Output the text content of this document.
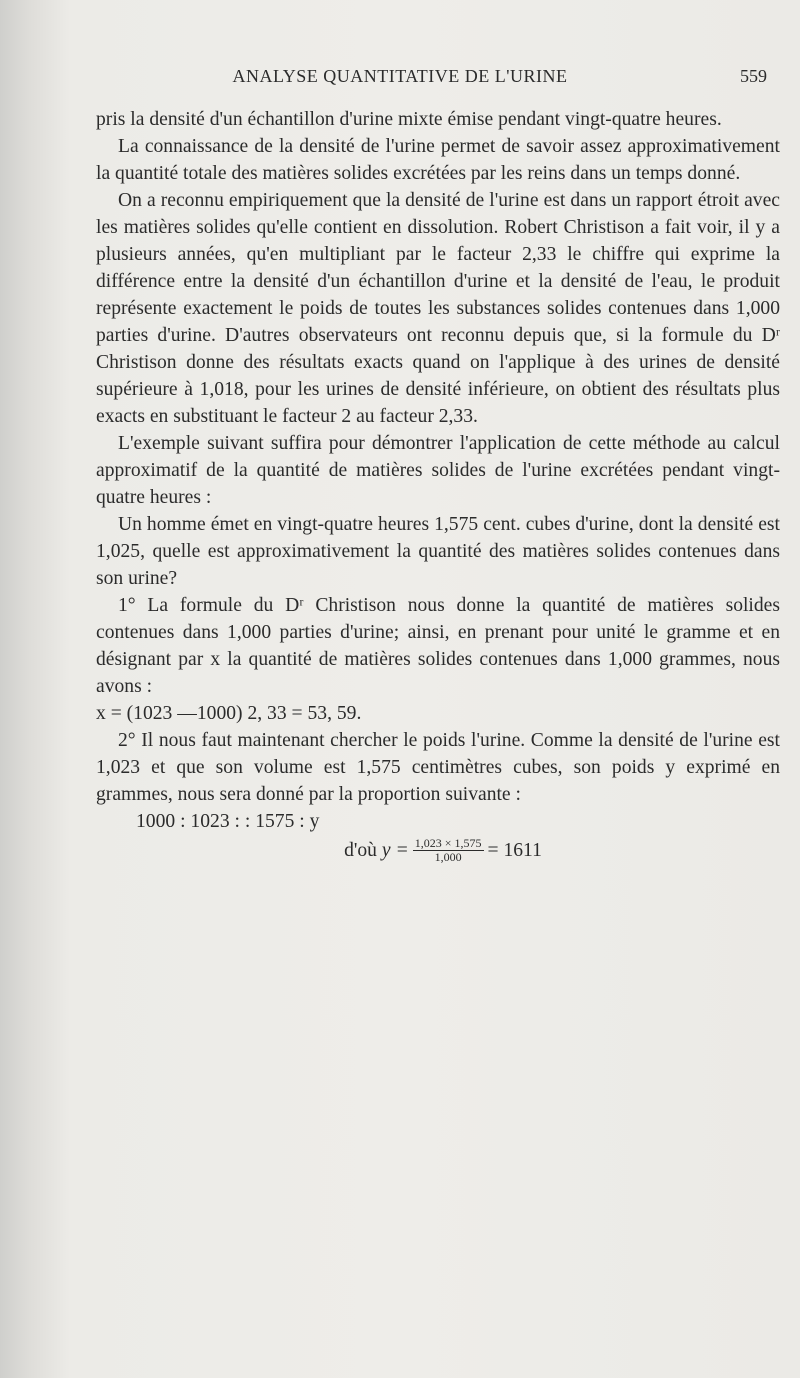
ANALYSE QUANTITATIVE DE L'URINE	559

pris la densité d'un échantillon d'urine mixte émise pendant vingt-quatre heures.

La connaissance de la densité de l'urine permet de savoir assez approximativement la quantité totale des matières solides excrétées par les reins dans un temps donné.

On a reconnu empiriquement que la densité de l'urine est dans un rapport étroit avec les matières solides qu'elle contient en dissolution. Robert Christison a fait voir, il y a plusieurs années, qu'en multipliant par le facteur 2,33 le chiffre qui exprime la différence entre la densité d'un échantillon d'urine et la densité de l'eau, le produit représente exactement le poids de toutes les substances solides contenues dans 1,000 parties d'urine. D'autres observateurs ont reconnu depuis que, si la formule du Dʳ Christison donne des résultats exacts quand on l'applique à des urines de densité supérieure à 1,018, pour les urines de densité inférieure, on obtient des résultats plus exacts en substituant le facteur 2 au facteur 2,33.

L'exemple suivant suffira pour démontrer l'application de cette méthode au calcul approximatif de la quantité de matières solides de l'urine excrétées pendant vingt-quatre heures :

Un homme émet en vingt-quatre heures 1,575 cent. cubes d'urine, dont la densité est 1,025, quelle est approximativement la quantité des matières solides contenues dans son urine?

1° La formule du Dʳ Christison nous donne la quantité de matières solides contenues dans 1,000 parties d'urine; ainsi, en prenant pour unité le gramme et en désignant par x la quantité de matières solides contenues dans 1,000 grammes, nous avons :

x = (1023 —1000) 2, 33 = 53, 59.

2° Il nous faut maintenant chercher le poids l'urine. Comme la densité de l'urine est 1,023 et que son volume est 1,575 centimètres cubes, son poids y exprimé en grammes, nous sera donné par la proportion suivante :

1000 : 1023 : : 1575 : y

d'où
$y = \frac{1,023 \times 1,575}{1,000} = 1611$
